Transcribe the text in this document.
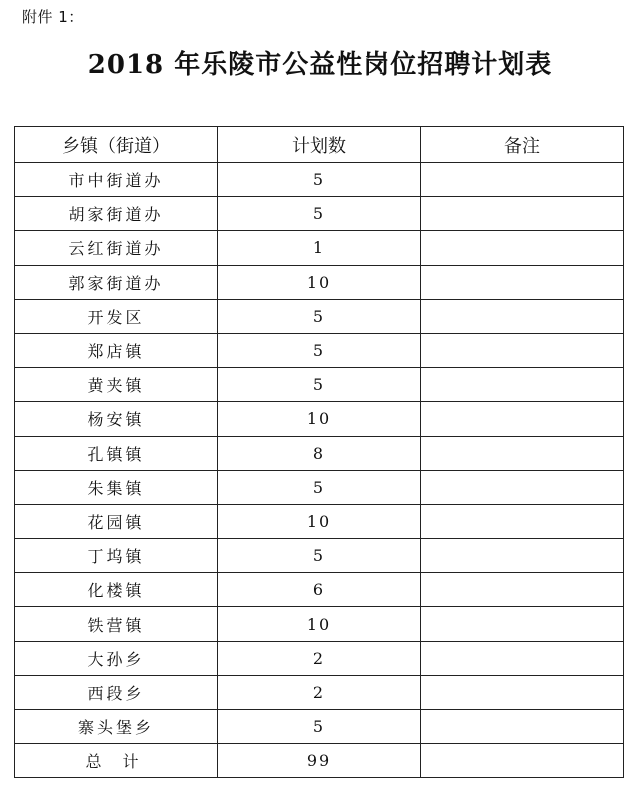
附件 1：
2018 年乐陵市公益性岗位招聘计划表
乡镇（街道）	计划数	备注
市中街道办	5	
胡家街道办	5	
云红街道办	1	
郭家街道办	10	
开发区	5	
郑店镇	5	
黄夹镇	5	
杨安镇	10	
孔镇镇	8	
朱集镇	5	
花园镇	10	
丁坞镇	5	
化楼镇	6	
铁营镇	10	
大孙乡	2	
西段乡	2	
寨头堡乡	5	
总 计	99	
